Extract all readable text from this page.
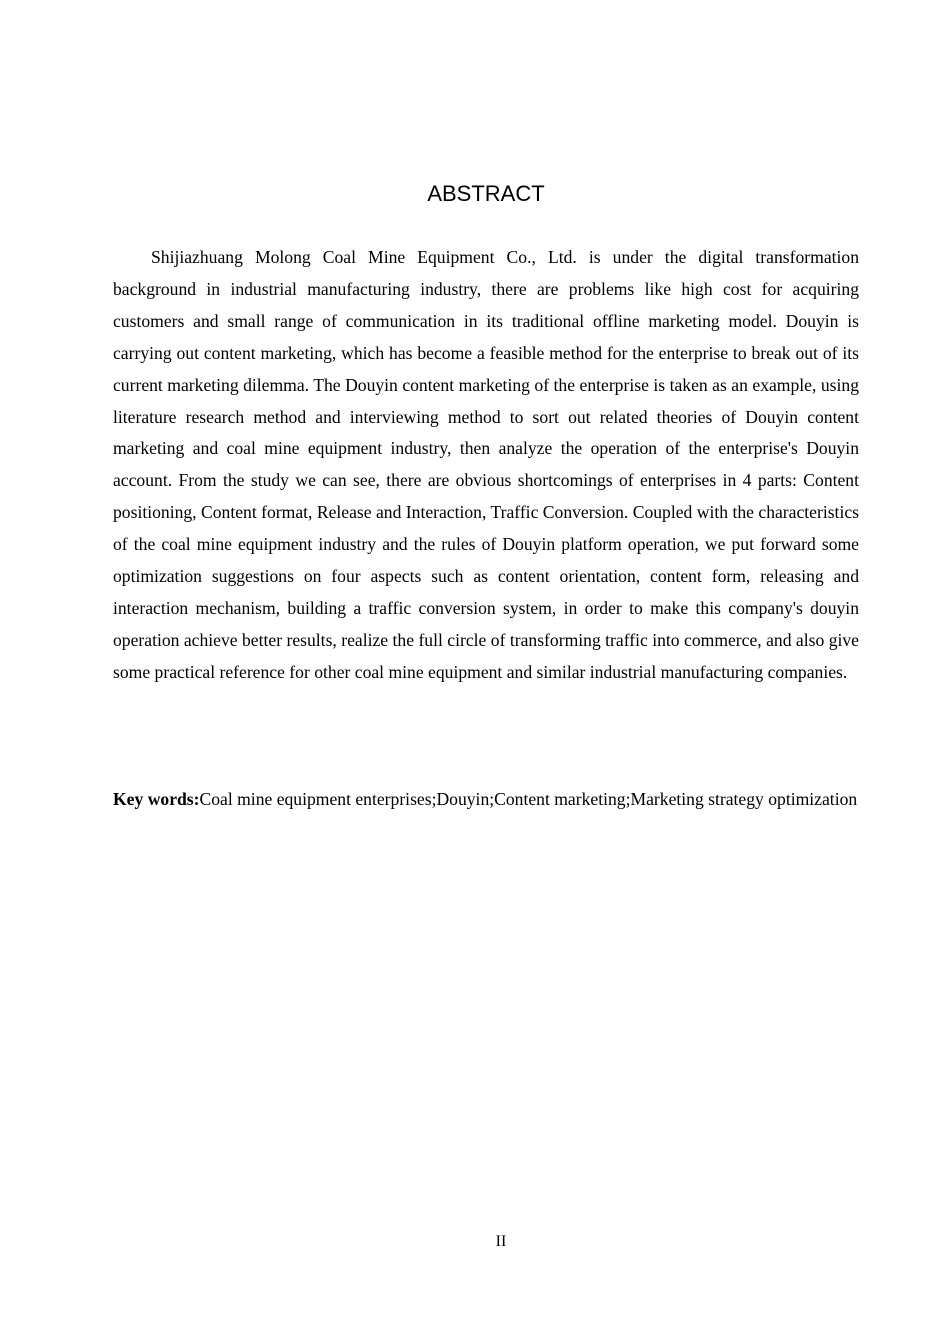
ABSTRACT

Shijiazhuang Molong Coal Mine Equipment Co., Ltd. is under the digital transformation background in industrial manufacturing industry, there are problems like high cost for acquiring customers and small range of communication in its traditional offline marketing model. Douyin is carrying out content marketing, which has become a feasible method for the enterprise to break out of its current marketing dilemma. The Douyin content marketing of the enterprise is taken as an example, using literature research method and interviewing method to sort out related theories of Douyin content marketing and coal mine equipment industry, then analyze the operation of the enterprise's Douyin account. From the study we can see, there are obvious shortcomings of enterprises in 4 parts: Content positioning, Content format, Release and Interaction, Traffic Conversion. Coupled with the characteristics of the coal mine equipment industry and the rules of Douyin platform operation, we put forward some optimization suggestions on four aspects such as content orientation, content form, releasing and interaction mechanism, building a traffic conversion system, in order to make this company's douyin operation achieve better results, realize the full circle of transforming traffic into commerce, and also give some practical reference for other coal mine equipment and similar industrial manufacturing companies.

Key words:Coal mine equipment enterprises;Douyin;Content marketing;Marketing strategy optimization

II
